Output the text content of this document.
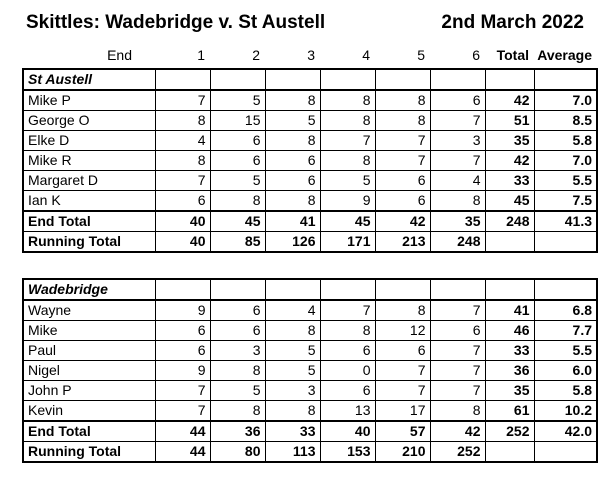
Skittles: Wadebridge v. St Austell	2nd March 2022
End	1	2	3	4	5	6	Total	Average
St Austell								
Mike P	7	5	8	8	8	6	42	7.0
George O	8	15	5	8	8	7	51	8.5
Elke D	4	6	8	7	7	3	35	5.8
Mike R	8	6	6	8	7	7	42	7.0
Margaret D	7	5	6	5	6	4	33	5.5
Ian K	6	8	8	9	6	8	45	7.5
End Total	40	45	41	45	42	35	248	41.3
Running Total	40	85	126	171	213	248		
Wadebridge								
Wayne	9	6	4	7	8	7	41	6.8
Mike	6	6	8	8	12	6	46	7.7
Paul	6	3	5	6	6	7	33	5.5
Nigel	9	8	5	0	7	7	36	6.0
John P	7	5	3	6	7	7	35	5.8
Kevin	7	8	8	13	17	8	61	10.2
End Total	44	36	33	40	57	42	252	42.0
Running Total	44	80	113	153	210	252		
